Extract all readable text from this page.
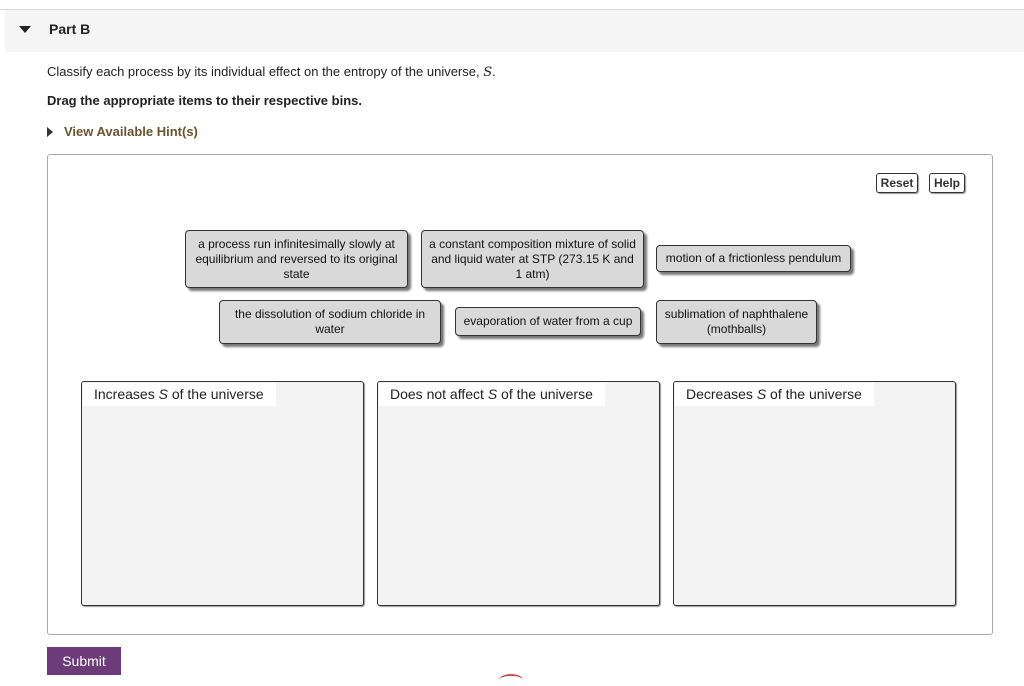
Part B
Classify each process by its individual effect on the entropy of the universe, S.
Drag the appropriate items to their respective bins.
View Available Hint(s)
Reset	Help
a process run infinitesimally slowly at equilibrium and reversed to its original state
a constant composition mixture of solid and liquid water at STP (273.15 K and 1 atm)
motion of a frictionless pendulum
the dissolution of sodium chloride in water
evaporation of water from a cup	sublimation of naphthalene (mothballs)
Increases S of the universe	Does not affect S of the universe	Decreases S of the universe
Submit
